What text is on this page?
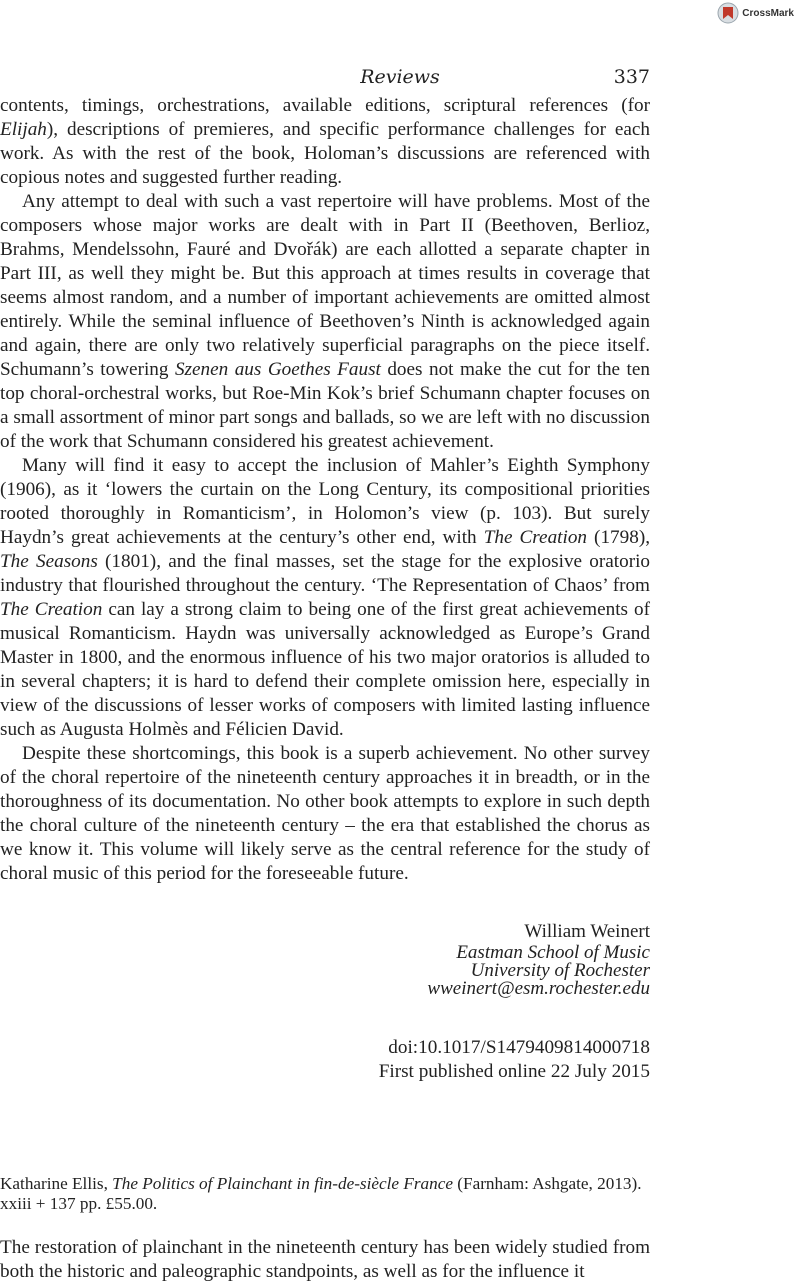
CrossMark
Reviews	337

contents, timings, orchestrations, available editions, scriptural references (for Elijah), descriptions of premieres, and specific performance challenges for each work. As with the rest of the book, Holoman’s discussions are referenced with copious notes and suggested further reading.

Any attempt to deal with such a vast repertoire will have problems. Most of the composers whose major works are dealt with in Part II (Beethoven, Berlioz, Brahms, Mendelssohn, Fauré and Dvořák) are each allotted a separate chapter in Part III, as well they might be. But this approach at times results in coverage that seems almost random, and a number of important achievements are omitted almost entirely. While the seminal influence of Beethoven’s Ninth is acknowledged again and again, there are only two relatively superficial paragraphs on the piece itself. Schumann’s towering Szenen aus Goethes Faust does not make the cut for the ten top choral-orchestral works, but Roe-Min Kok’s brief Schumann chapter focuses on a small assortment of minor part songs and ballads, so we are left with no discussion of the work that Schumann considered his greatest achievement.

Many will find it easy to accept the inclusion of Mahler’s Eighth Symphony (1906), as it ‘lowers the curtain on the Long Century, its compositional priorities rooted thoroughly in Romanticism’, in Holomon’s view (p. 103). But surely Haydn’s great achievements at the century’s other end, with The Creation (1798), The Seasons (1801), and the final masses, set the stage for the explosive oratorio industry that flourished throughout the century. ‘The Representation of Chaos’ from The Creation can lay a strong claim to being one of the first great achievements of musical Romanticism. Haydn was universally acknowledged as Europe’s Grand Master in 1800, and the enormous influence of his two major oratorios is alluded to in several chapters; it is hard to defend their complete omission here, especially in view of the discussions of lesser works of composers with limited lasting influence such as Augusta Holmès and Félicien David.

Despite these shortcomings, this book is a superb achievement. No other survey of the choral repertoire of the nineteenth century approaches it in breadth, or in the thoroughness of its documentation. No other book attempts to explore in such depth the choral culture of the nineteenth century – the era that established the chorus as we know it. This volume will likely serve as the central reference for the study of choral music of this period for the foreseeable future.

William Weinert
Eastman School of Music
University of Rochester
wweinert@esm.rochester.edu
doi:10.1017/S1479409814000718
First published online 22 July 2015
Katharine Ellis, The Politics of Plainchant in fin-de-siècle France (Farnham: Ashgate, 2013). xxiii + 137 pp. £55.00.

The restoration of plainchant in the nineteenth century has been widely studied from both the historic and paleographic standpoints, as well as for the influence it
